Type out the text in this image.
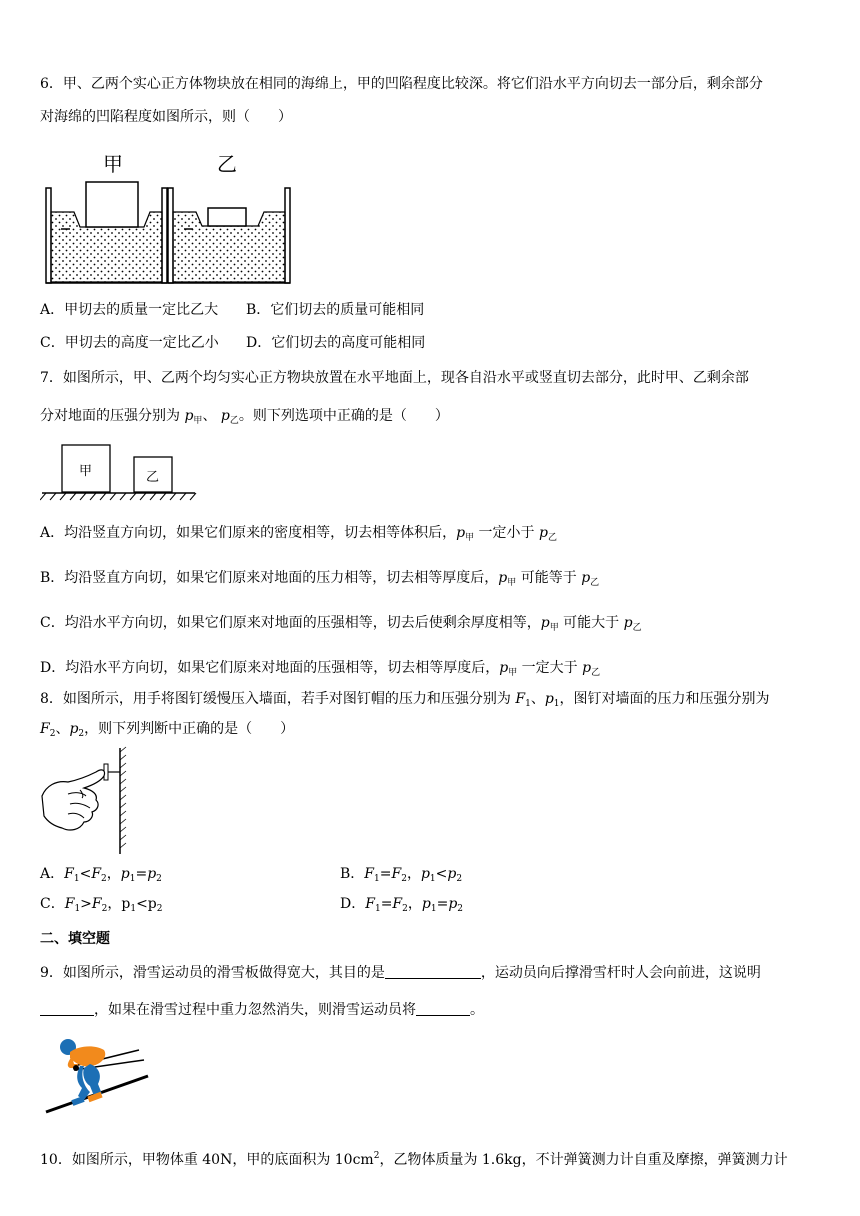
6．甲、乙两个实心正方体物块放在相同的海绵上，甲的凹陷程度比较深。将它们沿水平方向切去一部分后，剩余部分
对海绵的凹陷程度如图所示，则（　　）
甲	乙
A．甲切去的质量一定比乙大 B．它们切去的质量可能相同
C．甲切去的高度一定比乙小 D．它们切去的高度可能相同
7．如图所示，甲、乙两个均匀实心正方物块放置在水平地面上，现各自沿水平或竖直切去部分，此时甲、乙剩余部
分对地面的压强分别为 $p_甲$、 $p_乙$。则下列选项中正确的是（　　）
甲	乙
A．均沿竖直方向切，如果它们原来的密度相等，切去相等体积后，$p_甲$ 一定小于 $p_乙$
B．均沿竖直方向切，如果它们原来对地面的压力相等，切去相等厚度后，$p_甲$ 可能等于 $p_乙$
C．均沿水平方向切，如果它们原来对地面的压强相等，切去后使剩余厚度相等，$p_甲$ 可能大于 $p_乙$
D．均沿水平方向切，如果它们原来对地面的压强相等，切去相等厚度后，$p_甲$ 一定大于 $p_乙$
8．如图所示，用手将图钉缓慢压入墙面，若手对图钉帽的压力和压强分别为 $F_1$、$p_1$，图钉对墙面的压力和压强分别为
$F_2$、$p_2$，则下列判断中正确的是（　　）
A．$F_1<F_2$，$p_1=p_2$	B．$F_1=F_2$，$p_1<p_2$
C．$F_1>F_2$，$p_1<p_2$	D．$F_1=F_2$，$p_1=p_2$
二、填空题
9．如图所示，滑雪运动员的滑雪板做得宽大，其目的是	，运动员向后撑滑雪杆时人会向前进，这说明
，如果在滑雪过程中重力忽然消失，则滑雪运动员将	。
10．如图所示，甲物体重 40N，甲的底面积为 $10cm^2$，乙物体质量为 1.6kg，不计弹簧测力计自重及摩擦，弹簧测力计
